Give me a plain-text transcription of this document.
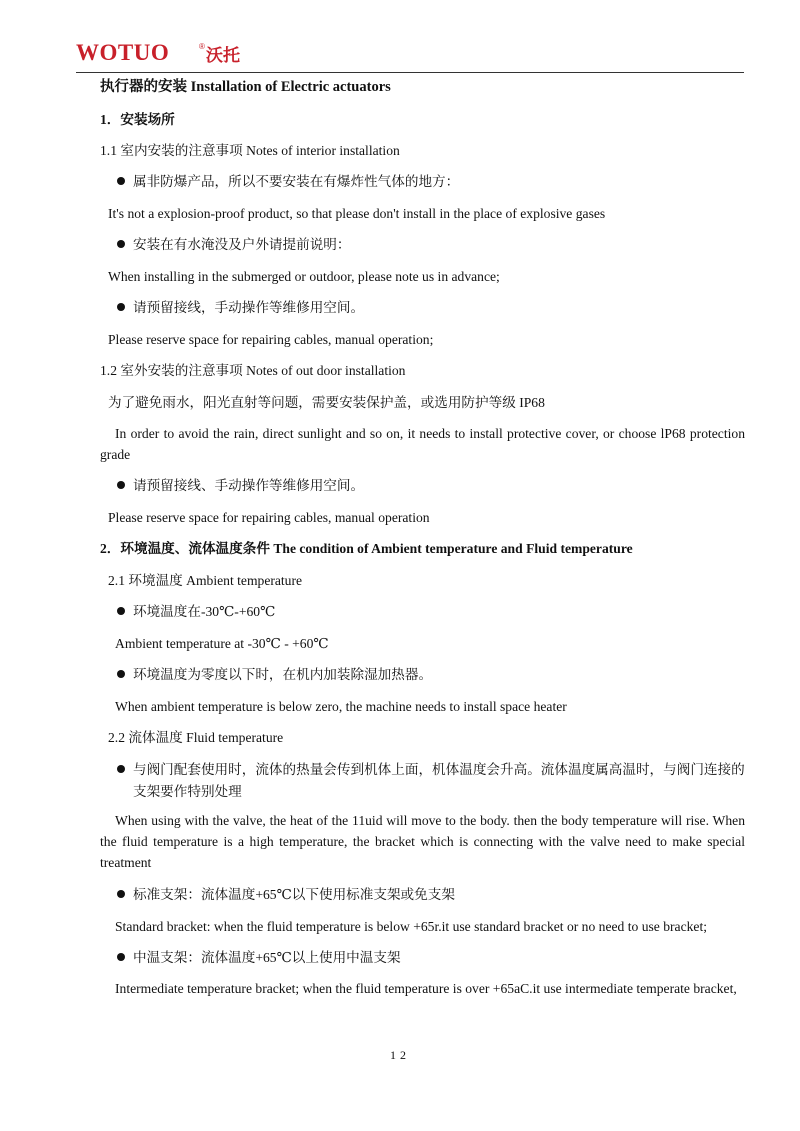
WOTUO	® 沃托
执行器的安装 Installation of Electric actuators
1．安装场所
1.1 室内安装的注意事项 Notes of interior installation
属非防爆产品，所以不要安装在有爆炸性气体的地方：
It's not a explosion-proof product, so that please don't install in the place of explosive gases
安装在有水淹没及户外请提前说明：
When installing in the submerged or outdoor, please note us in advance;
请预留接线，手动操作等维修用空间。
Please reserve space for repairing cables, manual operation;
1.2 室外安装的注意事项 Notes of out door installation
为了避免雨水，阳光直射等问题，需要安装保护盖，或选用防护等级 IP68
In order to avoid the rain, direct sunlight and so on, it needs to install protective cover, or choose lP68 protection grade
请预留接线、手动操作等维修用空间。
Please reserve space for repairing cables, manual operation
2．环境温度、流体温度条件 The condition of Ambient temperature and Fluid temperature
2.1 环境温度 Ambient temperature
环境温度在-30℃-+60℃
Ambient temperature at -30℃ - +60℃
环境温度为零度以下时，在机内加装除湿加热器。
When ambient temperature is below zero, the machine needs to install space heater
2.2 流体温度 Fluid temperature
与阀门配套使用时，流体的热量会传到机体上面，机体温度会升高。流体温度属高温时，与阀门连接的支架要作特别处理
When using with the valve, the heat of the 11uid will move to the body. then the body temperature will rise. When the fluid temperature is a high temperature, the bracket which is connecting with the valve need to make special treatment
标准支架：流体温度+65℃以下使用标准支架或免支架
Standard bracket: when the fluid temperature is below +65r.it use standard bracket or no need to use bracket;
中温支架：流体温度+65℃以上使用中温支架
Intermediate temperature bracket; when the fluid temperature is over +65aC.it use intermediate temperate bracket,
12
